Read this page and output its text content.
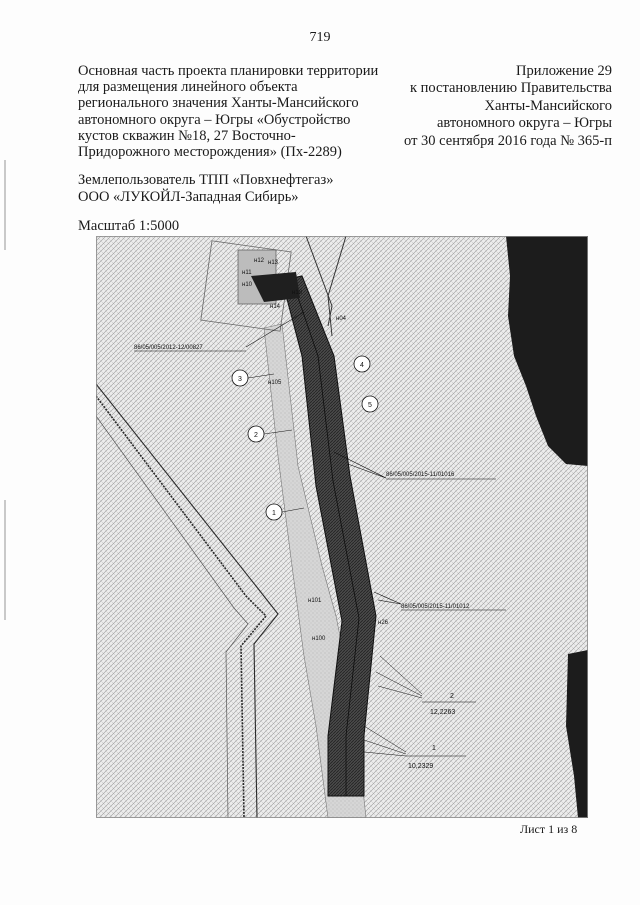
719
Основная часть проекта планировки территории
для размещения линейного объекта
регионального значения Ханты-Мансийского
автономного округа – Югры «Обустройство
кустов скважин №18, 27 Восточно-
Придорожного месторождения» (Пх-2289)
Приложение 29
к постановлению Правительства
Ханты-Мансийского
автономного округа – Югры
от 30 сентября 2016 года № 365-п
Землепользователь ТПП «Повхнефтегаз»
ООО «ЛУКОЙЛ-Западная Сибирь»
Масштаб 1:5000
86/05/005/2012-12/00827
86/05/005/2015-11/01016
86/05/005/2015-11/01012
3
2
1
4
5
н13
н12
н11
н10
н14
н105
н04
н101
н100
н26
н18
2
12,2263
1
10,2329
Лист 1 из 8
